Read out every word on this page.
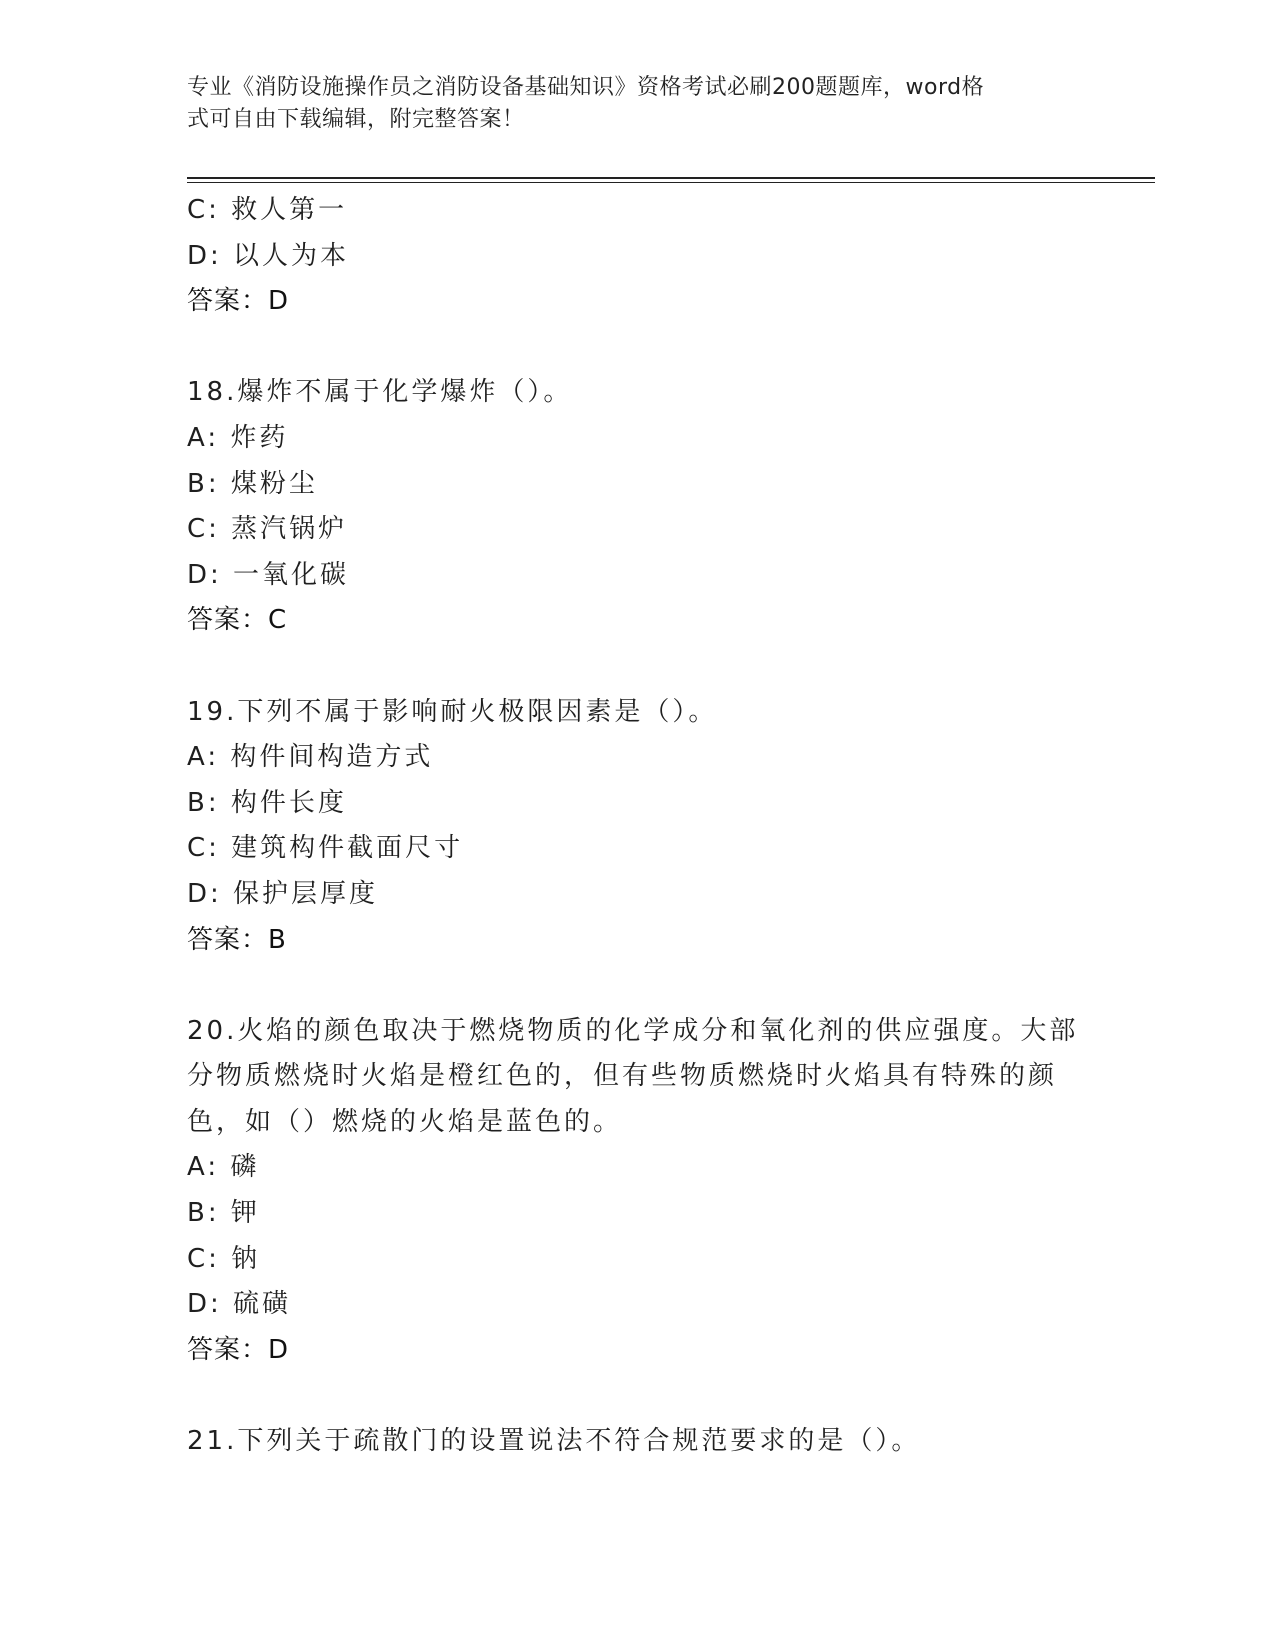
专业《消防设施操作员之消防设备基础知识》资格考试必刷200题题库，word格
式可自由下载编辑，附完整答案！
C: 救人第一
D: 以人为本
答案：D
18.爆炸不属于化学爆炸（）。
A: 炸药
B: 煤粉尘
C: 蒸汽锅炉
D: 一氧化碳
答案：C
19.下列不属于影响耐火极限因素是（）。
A: 构件间构造方式
B: 构件长度
C: 建筑构件截面尺寸
D: 保护层厚度
答案：B
20.火焰的颜色取决于燃烧物质的化学成分和氧化剂的供应强度。大部
分物质燃烧时火焰是橙红色的，但有些物质燃烧时火焰具有特殊的颜
色，如（）燃烧的火焰是蓝色的。
A: 磷
B: 钾
C: 钠
D: 硫磺
答案：D
21.下列关于疏散门的设置说法不符合规范要求的是（）。
